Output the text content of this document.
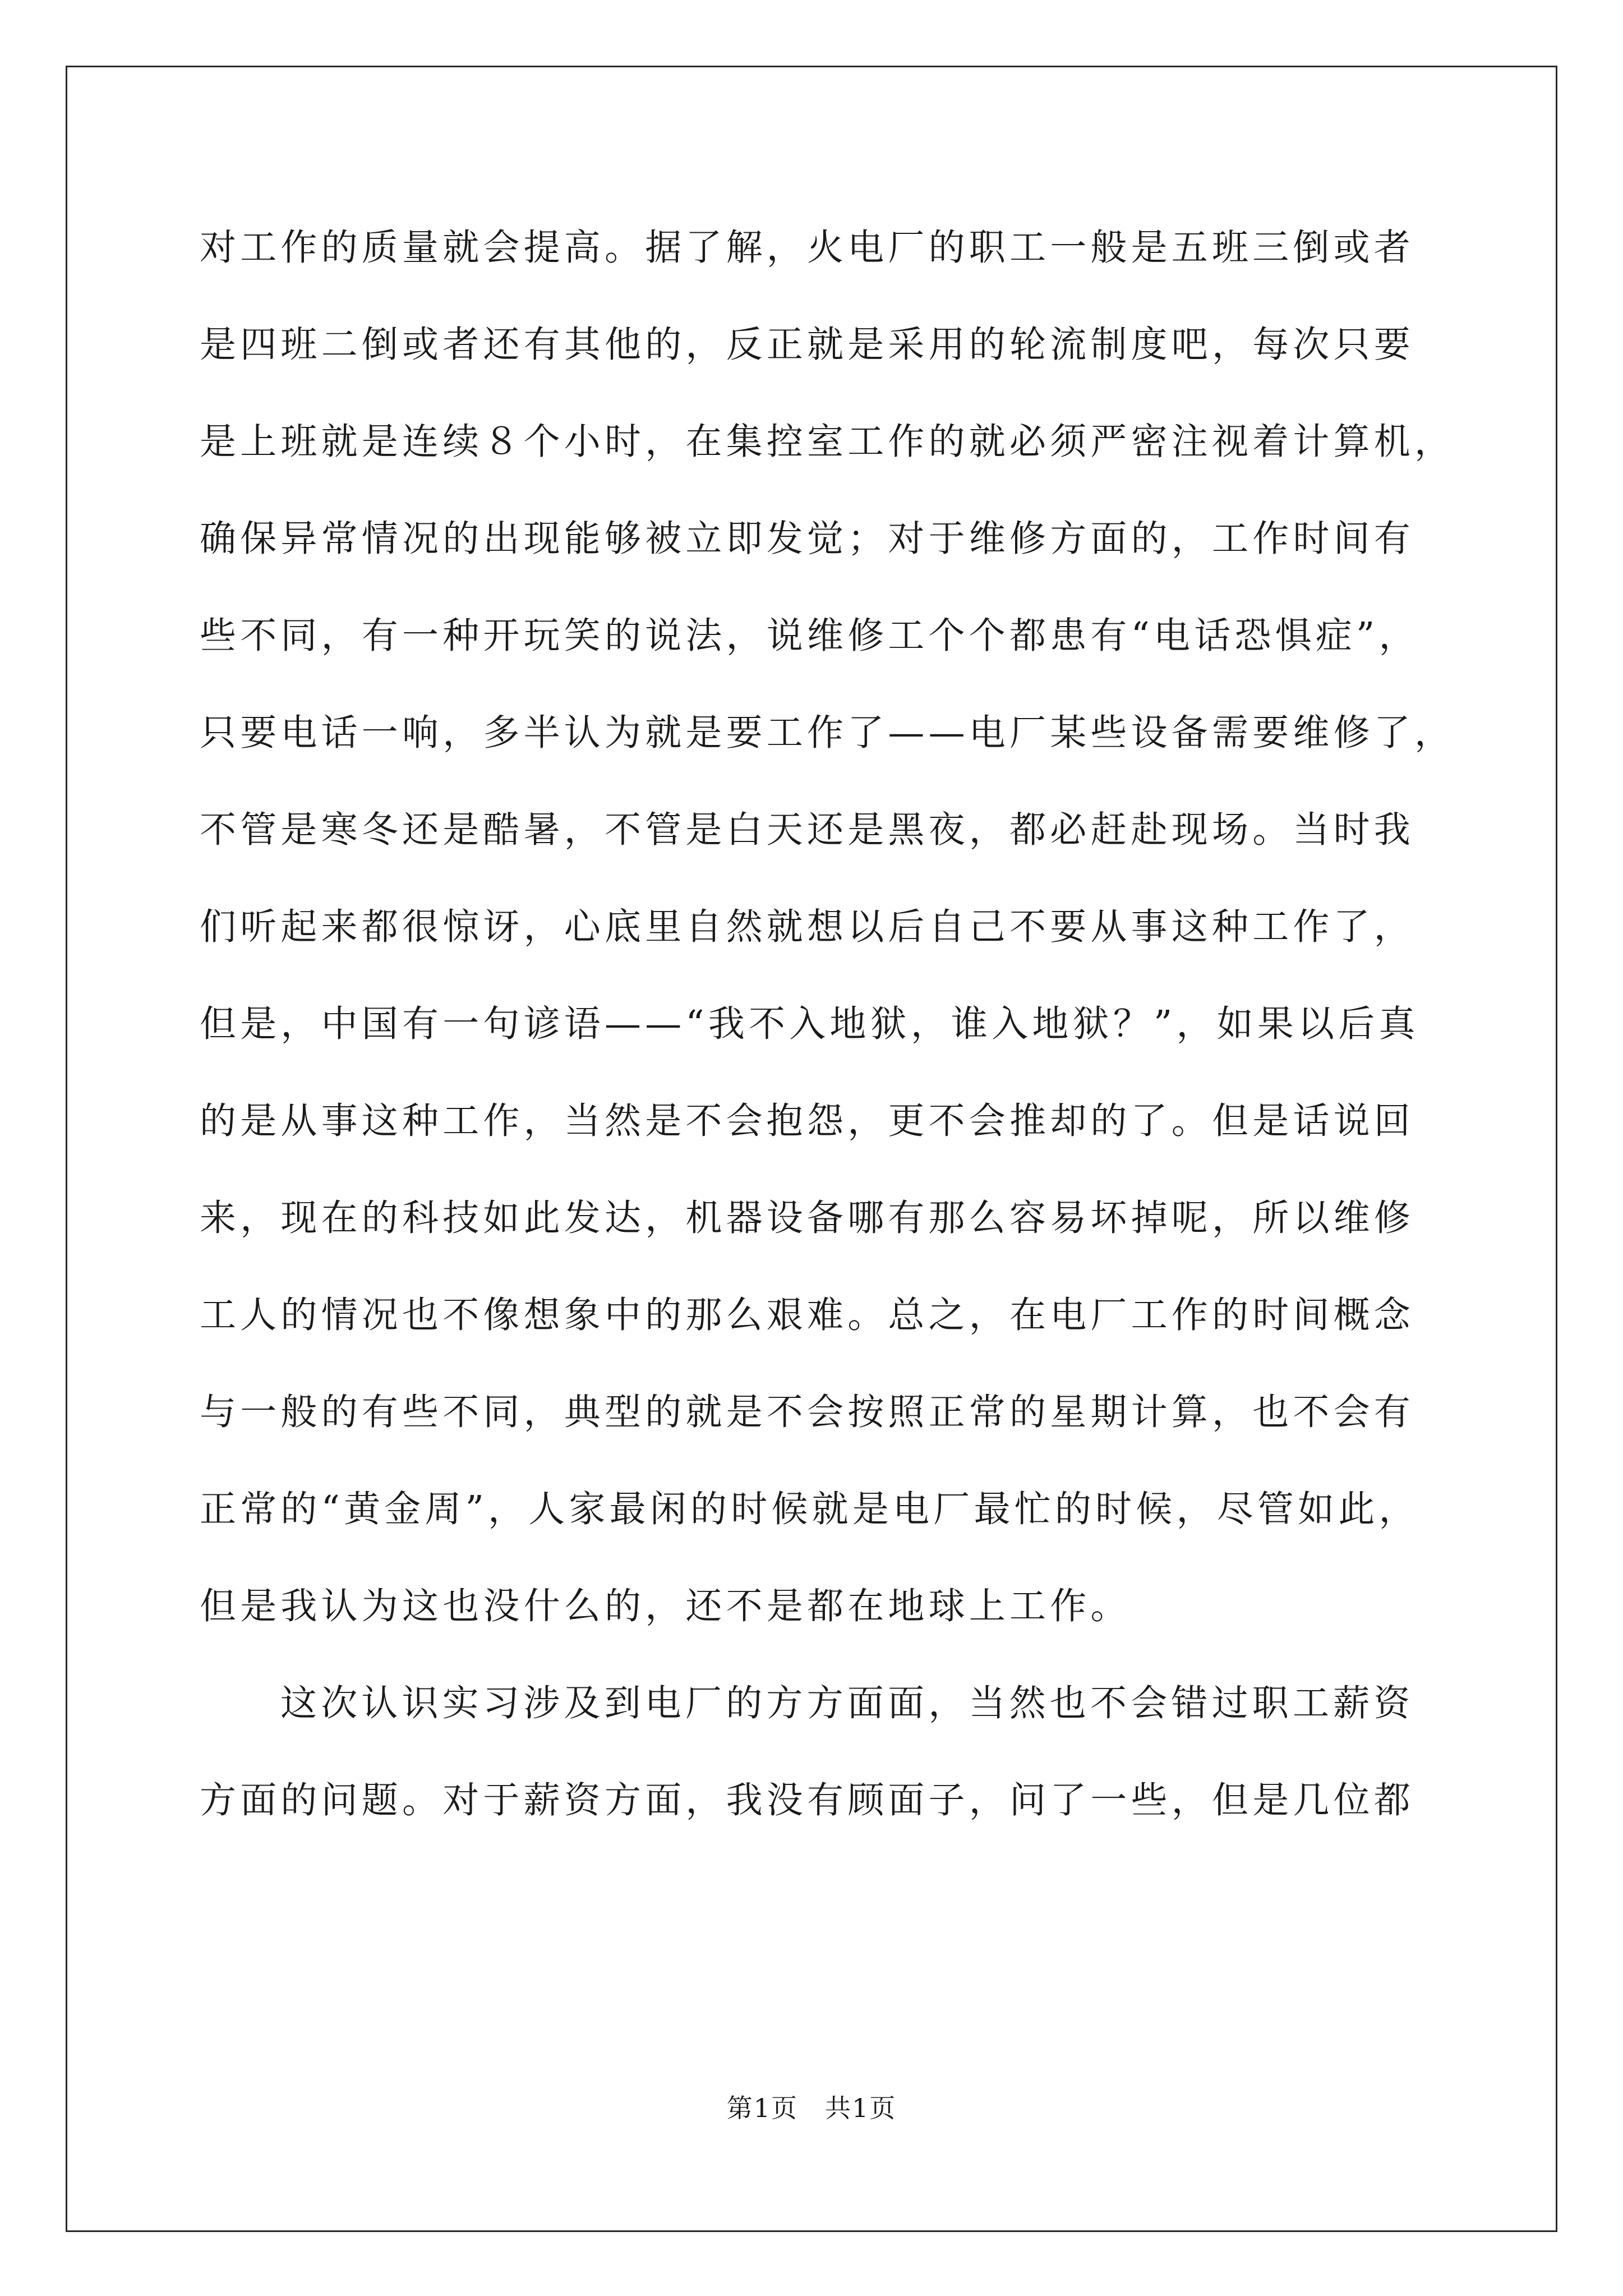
对工作的质量就会提高。据了解，火电厂的职工一般是五班三倒或者
是四班二倒或者还有其他的，反正就是采用的轮流制度吧，每次只要
是上班就是连续８个小时，在集控室工作的就必须严密注视着计算机，
确保异常情况的出现能够被立即发觉；对于维修方面的，工作时间有
些不同，有一种开玩笑的说法，说维修工个个都患有“电话恐惧症”，
只要电话一响，多半认为就是要工作了——电厂某些设备需要维修了，
不管是寒冬还是酷暑，不管是白天还是黑夜，都必赶赴现场。当时我
们听起来都很惊讶，心底里自然就想以后自己不要从事这种工作了，
但是，中国有一句谚语——“我不入地狱，谁入地狱？”，如果以后真
的是从事这种工作，当然是不会抱怨，更不会推却的了。但是话说回
来，现在的科技如此发达，机器设备哪有那么容易坏掉呢，所以维修
工人的情况也不像想象中的那么艰难。总之，在电厂工作的时间概念
与一般的有些不同，典型的就是不会按照正常的星期计算，也不会有
正常的“黄金周”，人家最闲的时候就是电厂最忙的时候，尽管如此，
但是我认为这也没什么的，还不是都在地球上工作。
这次认识实习涉及到电厂的方方面面，当然也不会错过职工薪资
方面的问题。对于薪资方面，我没有顾面子，问了一些，但是几位都
第1页　共1页
